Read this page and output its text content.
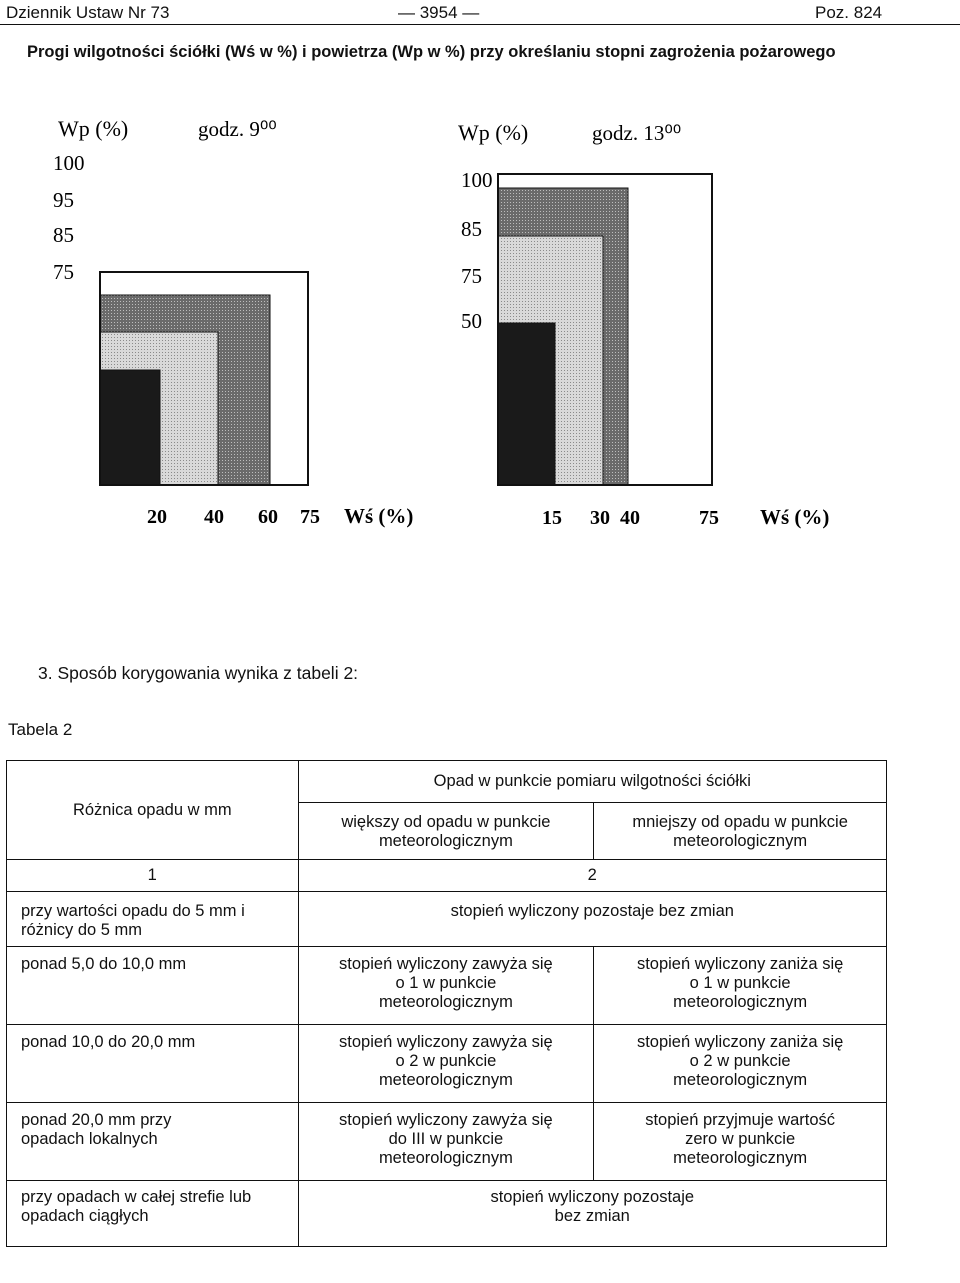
Dziennik Ustaw Nr 73	— 3954 —	Poz. 824
Progi wilgotności ściółki (Wś w %) i powietrza (Wp w %) przy określaniu stopni zagrożenia pożarowego
Wp (%)	godz. 9⁰⁰
100
95
85
75
20 40 60 75 Wś (%)
Wp (%)	godz. 13⁰⁰
100
85
75
50
15 30 40	75 Wś (%)
3. Sposób korygowania wynika z tabeli 2:
Tabela 2
Różnica opadu w mm	Opad w punkcie pomiaru wilgotności ściółki	
	większy od opadu w punkcie meteorologicznym	mniejszy od opadu w punkcie meteorologicznym
1	2	
przy wartości opadu do 5 mm i różnicy do 5 mm	stopień wyliczony pozostaje bez zmian	
ponad 5,0 do 10,0 mm	stopień wyliczony zawyża się o 1 w punkcie meteorologicznym	stopień wyliczony zaniża się o 1 w punkcie meteorologicznym
ponad 10,0 do 20,0 mm	stopień wyliczony zawyża się o 2 w punkcie meteorologicznym	stopień wyliczony zaniża się o 2 w punkcie meteorologicznym
ponad 20,0 mm przy opadach lokalnych	stopień wyliczony zawyża się do III w punkcie meteorologicznym	stopień przyjmuje wartość zero w punkcie meteorologicznym
przy opadach w całej strefie lub opadach ciągłych	stopień wyliczony pozostaje bez zmian	
